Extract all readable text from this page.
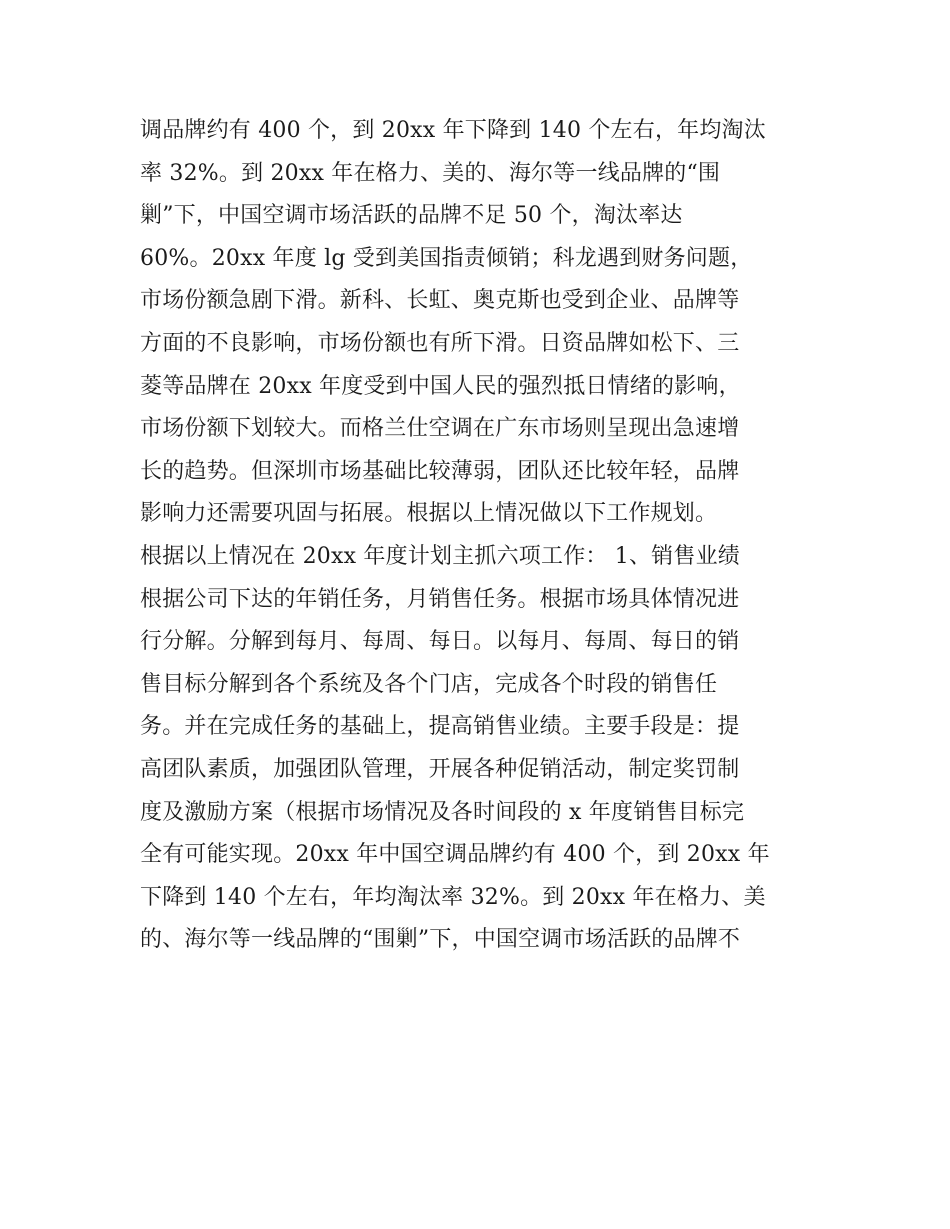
调品牌约有 400 个，到 20xx 年下降到 140 个左右，年均淘汰
率 32%。到 20xx 年在格力、美的、海尔等一线品牌的“围
剿”下，中国空调市场活跃的品牌不足 50 个，淘汰率达
60%。20xx 年度 lg 受到美国指责倾销；科龙遇到财务问题，
市场份额急剧下滑。新科、长虹、奥克斯也受到企业、品牌等
方面的不良影响，市场份额也有所下滑。日资品牌如松下、三
菱等品牌在 20xx 年度受到中国人民的强烈抵日情绪的影响，
市场份额下划较大。而格兰仕空调在广东市场则呈现出急速增
长的趋势。但深圳市场基础比较薄弱，团队还比较年轻，品牌
影响力还需要巩固与拓展。根据以上情况做以下工作规划。
根据以上情况在 20xx 年度计划主抓六项工作： 1、销售业绩
根据公司下达的年销任务，月销售任务。根据市场具体情况进
行分解。分解到每月、每周、每日。以每月、每周、每日的销
售目标分解到各个系统及各个门店，完成各个时段的销售任
务。并在完成任务的基础上，提高销售业绩。主要手段是：提
高团队素质，加强团队管理，开展各种促销活动，制定奖罚制
度及激励方案（根据市场情况及各时间段的 x 年度销售目标完
全有可能实现。20xx 年中国空调品牌约有 400 个，到 20xx 年
下降到 140 个左右，年均淘汰率 32%。到 20xx 年在格力、美
的、海尔等一线品牌的“围剿”下，中国空调市场活跃的品牌不
